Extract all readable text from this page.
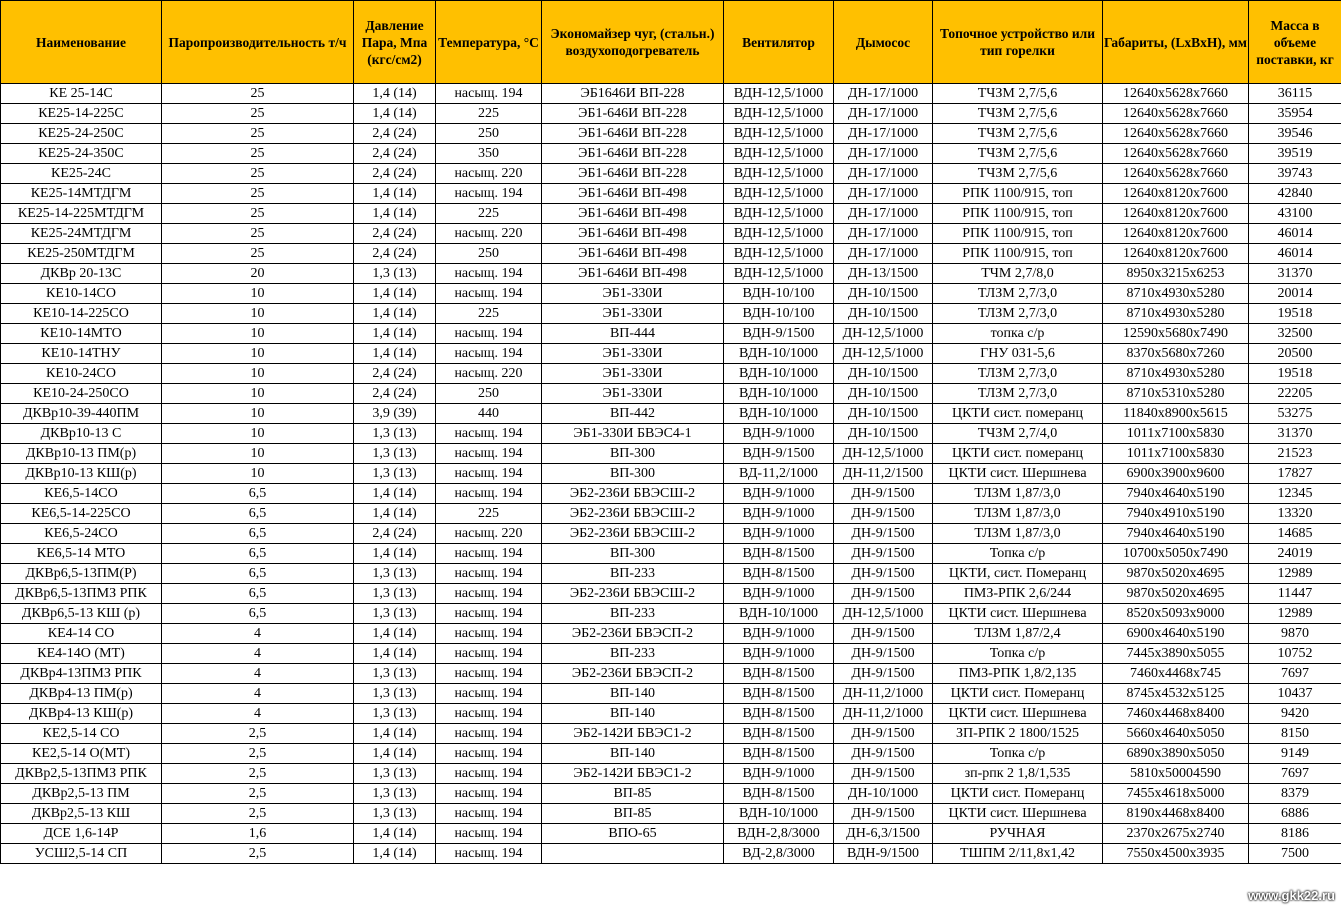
Наименование	Паропроизводительность т/ч	Давление Пара, Мпа (кгс/см2)	Температура, °С	Экономайзер чуг, (стальн.) воздухоподогреватель	Вентилятор	Дымосос	Топочное устройство или тип горелки	Габариты, (LxBxH), мм	Масса в объеме поставки, кг
КЕ 25-14С	25	1,4 (14)	насыщ. 194	ЭБ1646И ВП-228	ВДН-12,5/1000	ДН-17/1000	ТЧЗМ 2,7/5,6	12640х5628х7660	36115
КЕ25-14-225С	25	1,4 (14)	225	ЭБ1-646И ВП-228	ВДН-12,5/1000	ДН-17/1000	ТЧЗМ 2,7/5,6	12640х5628х7660	35954
КЕ25-24-250С	25	2,4 (24)	250	ЭБ1-646И ВП-228	ВДН-12,5/1000	ДН-17/1000	ТЧЗМ 2,7/5,6	12640х5628х7660	39546
КЕ25-24-350С	25	2,4 (24)	350	ЭБ1-646И ВП-228	ВДН-12,5/1000	ДН-17/1000	ТЧЗМ 2,7/5,6	12640х5628х7660	39519
КЕ25-24С	25	2,4 (24)	насыщ. 220	ЭБ1-646И ВП-228	ВДН-12,5/1000	ДН-17/1000	ТЧЗМ 2,7/5,6	12640х5628х7660	39743
КЕ25-14МТДГМ	25	1,4 (14)	насыщ. 194	ЭБ1-646И ВП-498	ВДН-12,5/1000	ДН-17/1000	РПК 1100/915, топ	12640х8120х7600	42840
КЕ25-14-225МТДГМ	25	1,4 (14)	225	ЭБ1-646И ВП-498	ВДН-12,5/1000	ДН-17/1000	РПК 1100/915, топ	12640х8120х7600	43100
КЕ25-24МТДГМ	25	2,4 (24)	насыщ. 220	ЭБ1-646И ВП-498	ВДН-12,5/1000	ДН-17/1000	РПК 1100/915, топ	12640х8120х7600	46014
КЕ25-250МТДГМ	25	2,4 (24)	250	ЭБ1-646И ВП-498	ВДН-12,5/1000	ДН-17/1000	РПК 1100/915, топ	12640х8120х7600	46014
ДКВр 20-13С	20	1,3 (13)	насыщ. 194	ЭБ1-646И ВП-498	ВДН-12,5/1000	ДН-13/1500	ТЧМ 2,7/8,0	8950х3215х6253	31370
КЕ10-14СО	10	1,4 (14)	насыщ. 194	ЭБ1-330И	ВДН-10/100	ДН-10/1500	ТЛЗМ 2,7/3,0	8710х4930х5280	20014
КЕ10-14-225СО	10	1,4 (14)	225	ЭБ1-330И	ВДН-10/100	ДН-10/1500	ТЛЗМ 2,7/3,0	8710х4930х5280	19518
КЕ10-14МТО	10	1,4 (14)	насыщ. 194	ВП-444	ВДН-9/1500	ДН-12,5/1000	топка с/р	12590х5680х7490	32500
КЕ10-14ТНУ	10	1,4 (14)	насыщ. 194	ЭБ1-330И	ВДН-10/1000	ДН-12,5/1000	ГНУ 031-5,6	8370х5680х7260	20500
КЕ10-24СО	10	2,4 (24)	насыщ. 220	ЭБ1-330И	ВДН-10/1000	ДН-10/1500	ТЛЗМ 2,7/3,0	8710х4930х5280	19518
КЕ10-24-250СО	10	2,4 (24)	250	ЭБ1-330И	ВДН-10/1000	ДН-10/1500	ТЛЗМ 2,7/3,0	8710х5310х5280	22205
ДКВр10-39-440ПМ	10	3,9 (39)	440	ВП-442	ВДН-10/1000	ДН-10/1500	ЦКТИ сист. померанц	11840х8900х5615	53275
ДКВр10-13 С	10	1,3 (13)	насыщ. 194	ЭБ1-330И БВЭС4-1	ВДН-9/1000	ДН-10/1500	ТЧЗМ 2,7/4,0	1011х7100х5830	31370
ДКВр10-13 ПМ(р)	10	1,3 (13)	насыщ. 194	ВП-300	ВДН-9/1500	ДН-12,5/1000	ЦКТИ сист. померанц	1011х7100х5830	21523
ДКВр10-13 КШ(р)	10	1,3 (13)	насыщ. 194	ВП-300	ВД-11,2/1000	ДН-11,2/1500	ЦКТИ сист. Шершнева	6900х3900х9600	17827
КЕ6,5-14СО	6,5	1,4 (14)	насыщ. 194	ЭБ2-236И БВЭСШ-2	ВДН-9/1000	ДН-9/1500	ТЛЗМ 1,87/3,0	7940х4640х5190	12345
КЕ6,5-14-225СО	6,5	1,4 (14)	225	ЭБ2-236И БВЭСШ-2	ВДН-9/1000	ДН-9/1500	ТЛЗМ 1,87/3,0	7940х4910х5190	13320
КЕ6,5-24СО	6,5	2,4 (24)	насыщ. 220	ЭБ2-236И БВЭСШ-2	ВДН-9/1000	ДН-9/1500	ТЛЗМ 1,87/3,0	7940х4640х5190	14685
КЕ6,5-14 МТО	6,5	1,4 (14)	насыщ. 194	ВП-300	ВДН-8/1500	ДН-9/1500	Топка с/р	10700х5050х7490	24019
ДКВр6,5-13ПМ(Р)	6,5	1,3 (13)	насыщ. 194	ВП-233	ВДН-8/1500	ДН-9/1500	ЦКТИ, сист. Померанц	9870х5020х4695	12989
ДКВр6,5-13ПМЗ РПК	6,5	1,3 (13)	насыщ. 194	ЭБ2-236И БВЭСШ-2	ВДН-9/1000	ДН-9/1500	ПМЗ-РПК 2,6/244	9870х5020х4695	11447
ДКВр6,5-13 КШ (р)	6,5	1,3 (13)	насыщ. 194	ВП-233	ВДН-10/1000	ДН-12,5/1000	ЦКТИ сист. Шершнева	8520х5093х9000	12989
КЕ4-14 СО	4	1,4 (14)	насыщ. 194	ЭБ2-236И БВЭСП-2	ВДН-9/1000	ДН-9/1500	ТЛЗМ 1,87/2,4	6900х4640х5190	9870
КЕ4-14О (МТ)	4	1,4 (14)	насыщ. 194	ВП-233	ВДН-9/1000	ДН-9/1500	Топка с/р	7445х3890х5055	10752
ДКВр4-13ПМЗ РПК	4	1,3 (13)	насыщ. 194	ЭБ2-236И БВЭСП-2	ВДН-8/1500	ДН-9/1500	ПМЗ-РПК 1,8/2,135	7460х4468х745	7697
ДКВр4-13 ПМ(р)	4	1,3 (13)	насыщ. 194	ВП-140	ВДН-8/1500	ДН-11,2/1000	ЦКТИ сист. Померанц	8745х4532х5125	10437
ДКВр4-13 КШ(р)	4	1,3 (13)	насыщ. 194	ВП-140	ВДН-8/1500	ДН-11,2/1000	ЦКТИ сист. Шершнева	7460х4468х8400	9420
КЕ2,5-14 СО	2,5	1,4 (14)	насыщ. 194	ЭБ2-142И БВЭС1-2	ВДН-8/1500	ДН-9/1500	ЗП-РПК 2 1800/1525	5660х4640х5050	8150
КЕ2,5-14 О(МТ)	2,5	1,4 (14)	насыщ. 194	ВП-140	ВДН-8/1500	ДН-9/1500	Топка с/р	6890х3890х5050	9149
ДКВр2,5-13ПМЗ РПК	2,5	1,3 (13)	насыщ. 194	ЭБ2-142И БВЭС1-2	ВДН-9/1000	ДН-9/1500	зп-рпк 2 1,8/1,535	5810х50004590	7697
ДКВр2,5-13 ПМ	2,5	1,3 (13)	насыщ. 194	ВП-85	ВДН-8/1500	ДН-10/1000	ЦКТИ сист. Померанц	7455х4618х5000	8379
ДКВр2,5-13 КШ	2,5	1,3 (13)	насыщ. 194	ВП-85	ВДН-10/1000	ДН-9/1500	ЦКТИ сист. Шершнева	8190х4468х8400	6886
ДСЕ 1,6-14Р	1,6	1,4 (14)	насыщ. 194	ВПО-65	ВДН-2,8/3000	ДН-6,3/1500	РУЧНАЯ	2370х2675х2740	8186
УСШ2,5-14 СП	2,5	1,4 (14)	насыщ. 194		ВД-2,8/3000	ВДН-9/1500	ТШПМ 2/11,8х1,42	7550х4500х3935	7500
www.gkk22.ru
